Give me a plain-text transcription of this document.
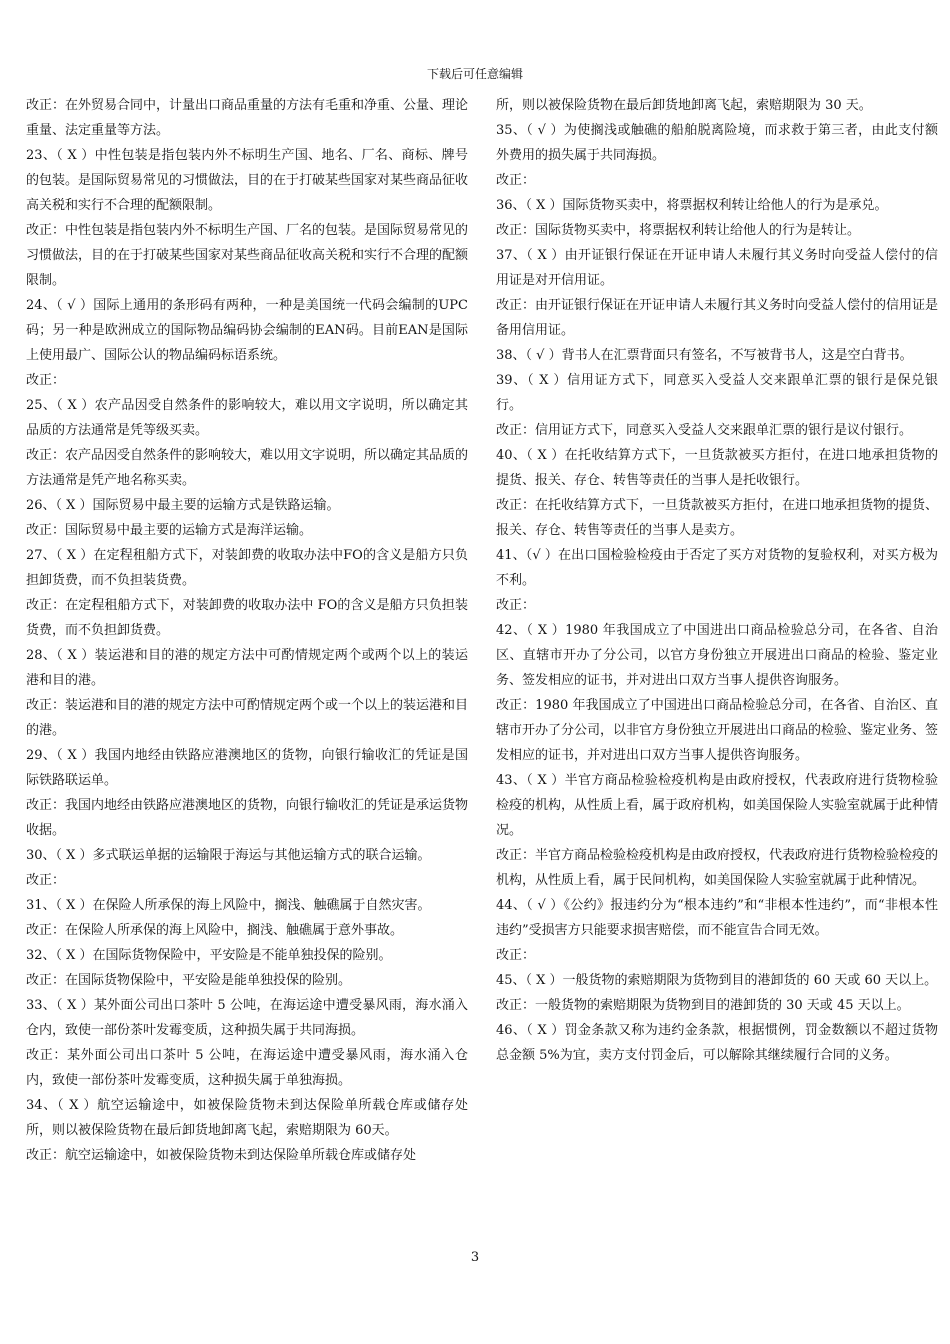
下载后可任意编辑

改正：在外贸易合同中，计量出口商品重量的方法有毛重和净重、公量、理论重量、法定重量等方法。

23、（ X ）中性包装是指包装内外不标明生产国、地名、厂名、商标、牌号的包装。是国际贸易常见的习惯做法，目的在于打破某些国家对某些商品征收高关税和实行不合理的配额限制。

改正：中性包装是指包装内外不标明生产国、厂名的包装。是国际贸易常见的习惯做法，目的在于打破某些国家对某些商品征收高关税和实行不合理的配额限制。

24、（ √ ）国际上通用的条形码有两种，一种是美国统一代码会编制的UPC码；另一种是欧洲成立的国际物品编码协会编制的EAN码。目前EAN是国际上使用最广、国际公认的物品编码标语系统。

改正：

25、（ X ）农产品因受自然条件的影响较大，难以用文字说明，所以确定其品质的方法通常是凭等级买卖。

改正：农产品因受自然条件的影响较大，难以用文字说明，所以确定其品质的方法通常是凭产地名称买卖。

26、（ X ）国际贸易中最主要的运输方式是铁路运输。

改正：国际贸易中最主要的运输方式是海洋运输。

27、（ X ）在定程租船方式下，对装卸费的收取办法中FO的含义是船方只负担卸货费，而不负担装货费。

改正：在定程租船方式下，对装卸费的收取办法中 FO的含义是船方只负担装货费，而不负担卸货费。

28、（ X ）装运港和目的港的规定方法中可酌情规定两个或两个以上的装运港和目的港。

改正：装运港和目的港的规定方法中可酌情规定两个或一个以上的装运港和目的港。

29、（ X ）我国内地经由铁路应港澳地区的货物，向银行输收汇的凭证是国际铁路联运单。

改正：我国内地经由铁路应港澳地区的货物，向银行输收汇的凭证是承运货物收据。

30、（ X ）多式联运单据的运输限于海运与其他运输方式的联合运输。

改正：

31、（ X ）在保险人所承保的海上风险中，搁浅、触礁属于自然灾害。

改正：在保险人所承保的海上风险中，搁浅、触礁属于意外事故。

32、（ X ）在国际货物保险中，平安险是不能单独投保的险别。

改正：在国际货物保险中，平安险是能单独投保的险别。

33、（ X ）某外面公司出口茶叶 5 公吨，在海运途中遭受暴风雨，海水涌入仓内，致使一部份茶叶发霉变质，这种损失属于共同海损。

改正：某外面公司出口茶叶 5 公吨，在海运途中遭受暴风雨，海水涌入仓内，致使一部份茶叶发霉变质，这种损失属于单独海损。

34、（ X ）航空运输途中，如被保险货物未到达保险单所载仓库或储存处所，则以被保险货物在最后卸货地卸离飞起，索赔期限为 60天。

改正：航空运输途中，如被保险货物未到达保险单所载仓库或储存处

所，则以被保险货物在最后卸货地卸离飞起，索赔期限为 30 天。

35、（ √ ）为使搁浅或触礁的船舶脱离险境，而求救于第三者，由此支付额外费用的损失属于共同海损。

改正：

36、（ X ）国际货物买卖中，将票据权利转让给他人的行为是承兑。

改正：国际货物买卖中，将票据权利转让给他人的行为是转让。

37、（ X ）由开证银行保证在开证申请人未履行其义务时向受益人偿付的信用证是对开信用证。

改正：由开证银行保证在开证申请人未履行其义务时向受益人偿付的信用证是备用信用证。

38、（ √ ）背书人在汇票背面只有签名，不写被背书人，这是空白背书。

39、（ X ）信用证方式下，同意买入受益人交来跟单汇票的银行是保兑银行。

改正：信用证方式下，同意买入受益人交来跟单汇票的银行是议付银行。

40、（ X ）在托收结算方式下，一旦货款被买方拒付，在进口地承担货物的提货、报关、存仓、转售等责任的当事人是托收银行。

改正：在托收结算方式下，一旦货款被买方拒付，在进口地承担货物的提货、报关、存仓、转售等责任的当事人是卖方。

41、（√ ）在出口国检验检疫由于否定了买方对货物的复验权利，对买方极为不利。

改正：

42、（ X ）1980 年我国成立了中国进出口商品检验总分司，在各省、自治区、直辖市开办了分公司，以官方身份独立开展进出口商品的检验、鉴定业务、签发相应的证书，并对进出口双方当事人提供咨询服务。

改正：1980 年我国成立了中国进出口商品检验总分司，在各省、自治区、直辖市开办了分公司，以非官方身份独立开展进出口商品的检验、鉴定业务、签发相应的证书，并对进出口双方当事人提供咨询服务。

43、（ X ）半官方商品检验检疫机构是由政府授权，代表政府进行货物检验检疫的机构，从性质上看，属于政府机构，如美国保险人实验室就属于此种情况。

改正：半官方商品检验检疫机构是由政府授权，代表政府进行货物检验检疫的机构，从性质上看，属于民间机构，如美国保险人实验室就属于此种情况。

44、（ √ ）《公约》报违约分为“根本违约”和“非根本性违约”，而“非根本性违约”受损害方只能要求损害赔偿，而不能宣告合同无效。

改正：

45、（ X ）一般货物的索赔期限为货物到目的港卸货的 60 天或 60 天以上。

改正：一般货物的索赔期限为货物到目的港卸货的 30 天或 45 天以上。

46、（ X ）罚金条款又称为违约金条款，根据惯例，罚金数额以不超过货物总金额 5%为宜，卖方支付罚金后，可以解除其继续履行合同的义务。

3
